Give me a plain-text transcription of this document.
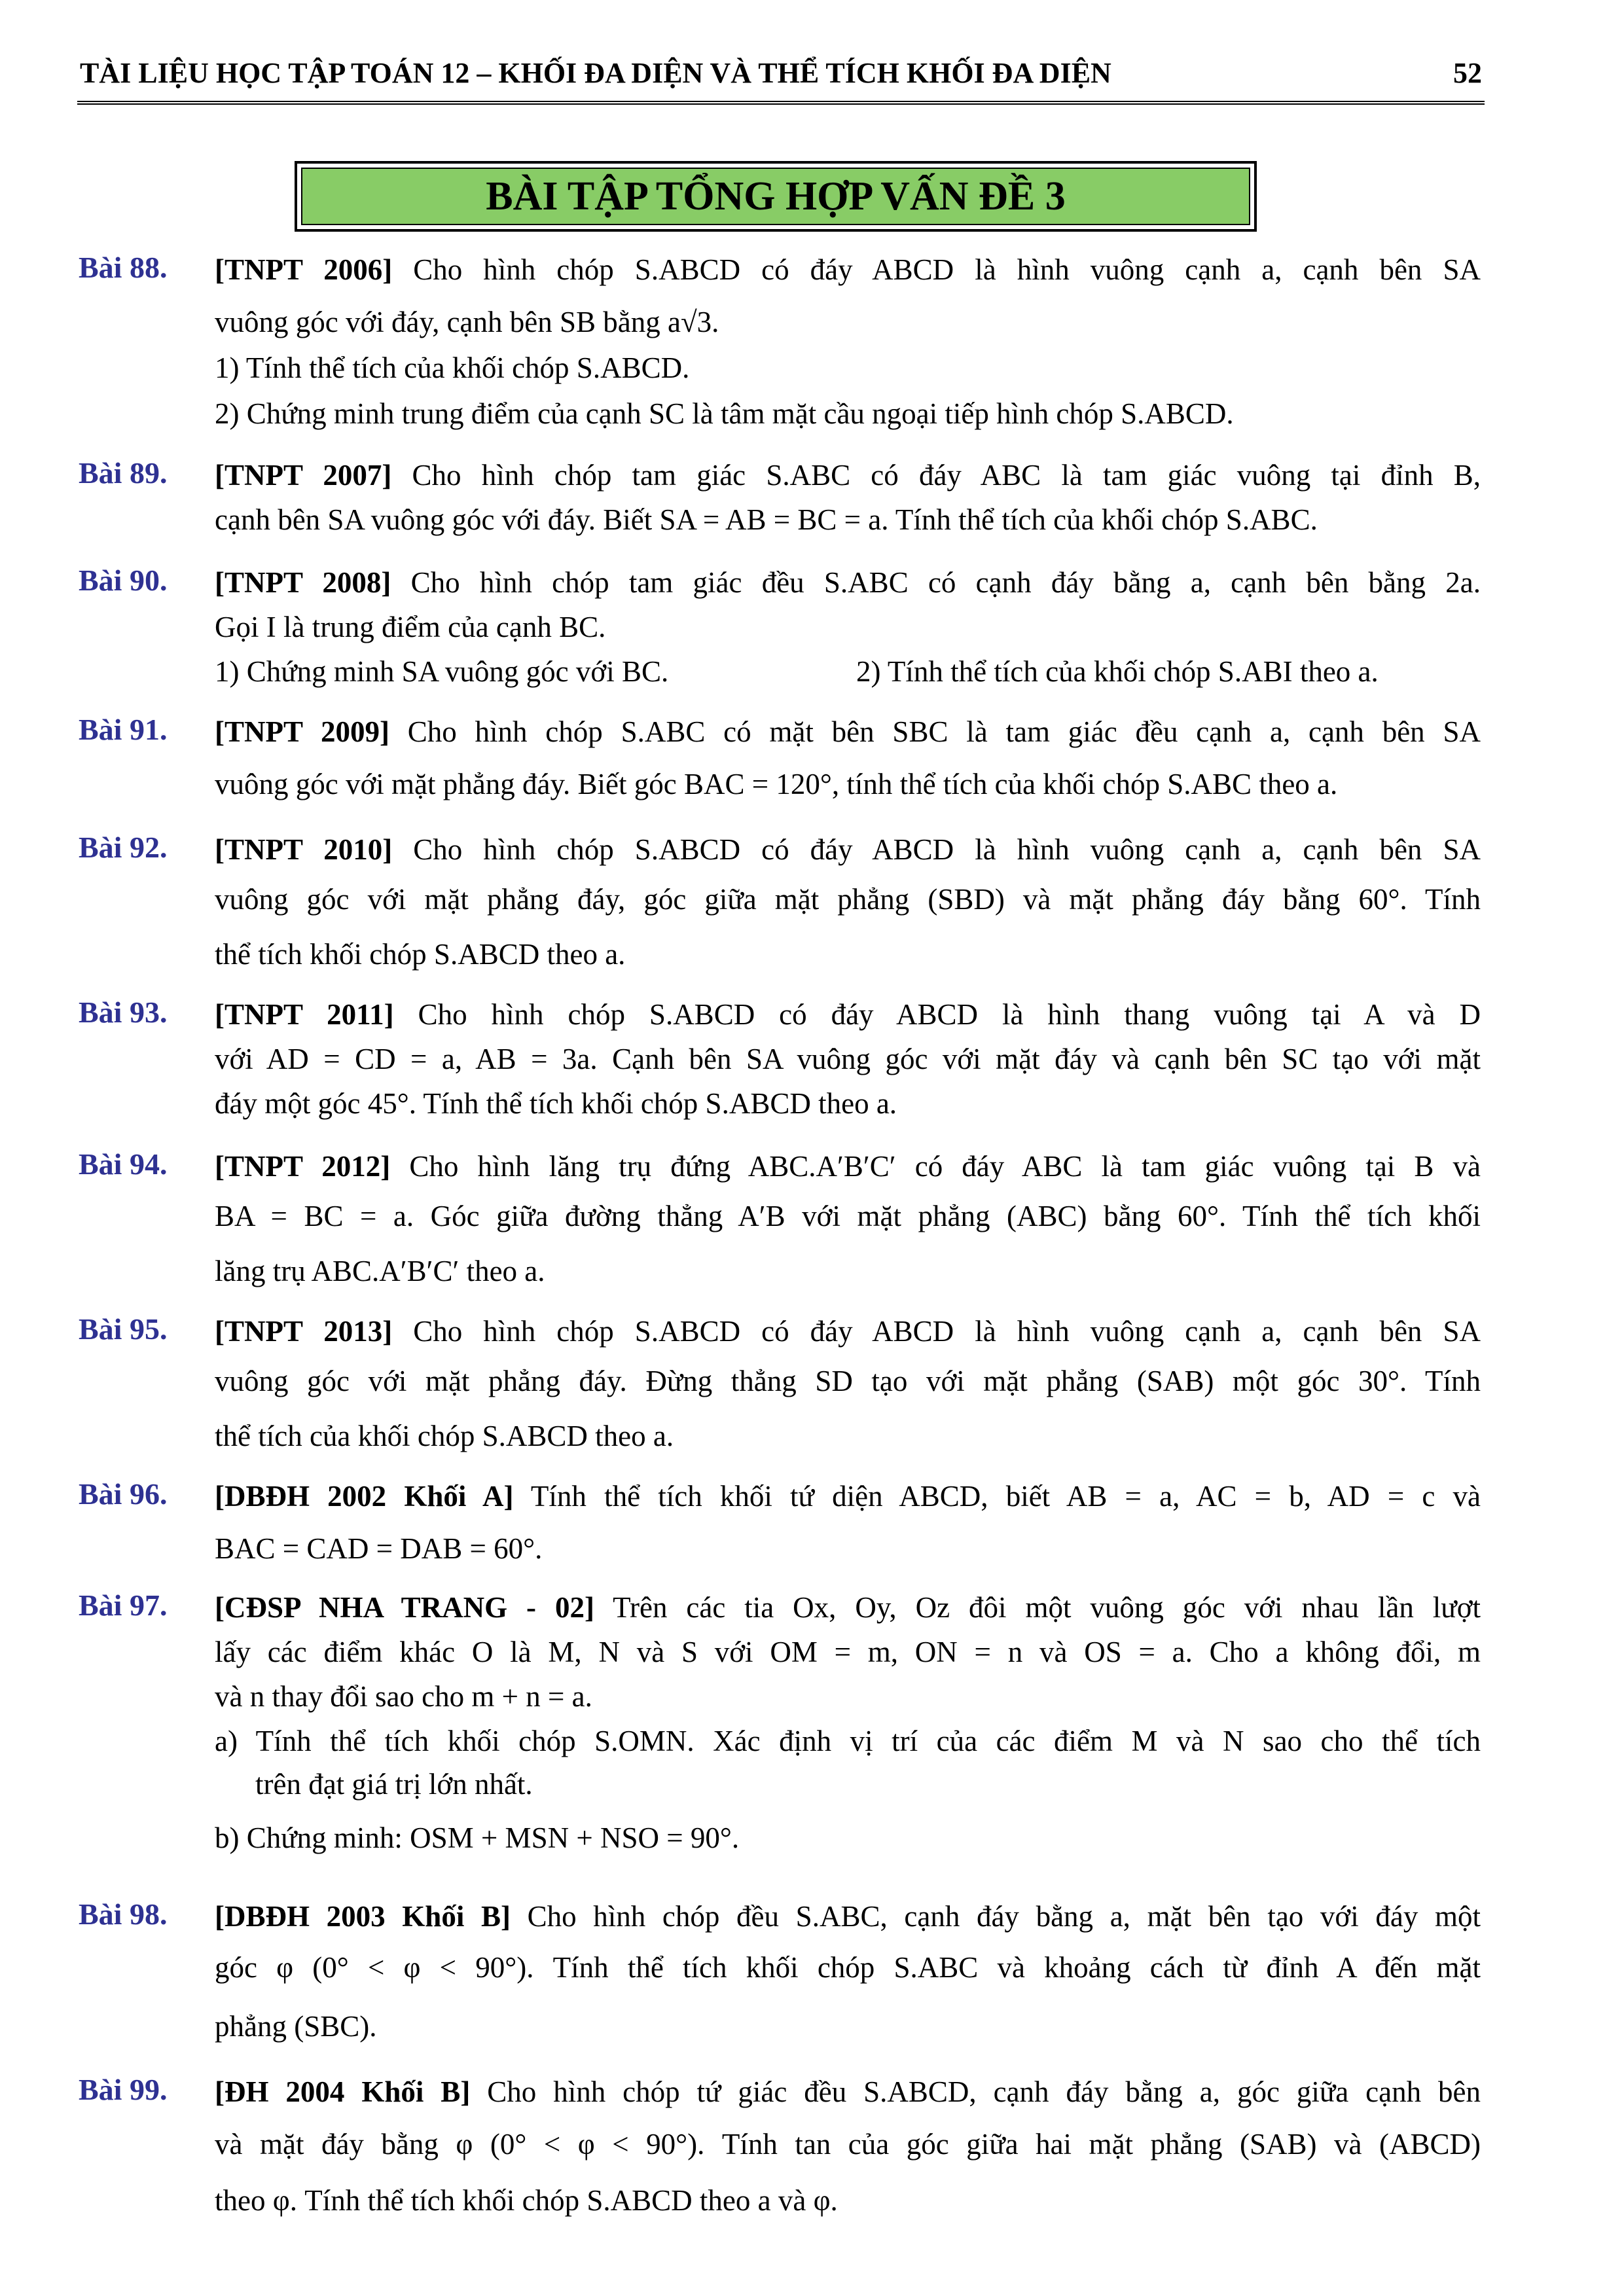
TÀI LIỆU HỌC TẬP TOÁN 12 – KHỐI ĐA DIỆN VÀ THỂ TÍCH KHỐI ĐA DIỆN	52
BÀI TẬP TỔNG HỢP VẤN ĐỀ 3
Bài 88. [TNPT 2006] Cho hình chóp S.ABCD có đáy ABCD là hình vuông cạnh a, cạnh bên SA
vuông góc với đáy, cạnh bên SB bằng a√3.
1) Tính thể tích của khối chóp S.ABCD.
2) Chứng minh trung điểm của cạnh SC là tâm mặt cầu ngoại tiếp hình chóp S.ABCD.
Bài 89. [TNPT 2007] Cho hình chóp tam giác S.ABC có đáy ABC là tam giác vuông tại đỉnh B,
cạnh bên SA vuông góc với đáy. Biết SA = AB = BC = a. Tính thể tích của khối chóp S.ABC.
Bài 90. [TNPT 2008] Cho hình chóp tam giác đều S.ABC có cạnh đáy bằng a, cạnh bên bằng 2a.
Gọi I là trung điểm của cạnh BC.
1) Chứng minh SA vuông góc với BC.	2) Tính thể tích của khối chóp S.ABI theo a.
Bài 91. [TNPT 2009] Cho hình chóp S.ABC có mặt bên SBC là tam giác đều cạnh a, cạnh bên SA
vuông góc với mặt phẳng đáy. Biết góc BAC = 120°, tính thể tích của khối chóp S.ABC theo a.
Bài 92. [TNPT 2010] Cho hình chóp S.ABCD có đáy ABCD là hình vuông cạnh a, cạnh bên SA
vuông góc với mặt phẳng đáy, góc giữa mặt phẳng (SBD) và mặt phẳng đáy bằng 60°. Tính
thể tích khối chóp S.ABCD theo a.
Bài 93. [TNPT 2011] Cho hình chóp S.ABCD có đáy ABCD là hình thang vuông tại A và D
với AD = CD = a, AB = 3a. Cạnh bên SA vuông góc với mặt đáy và cạnh bên SC tạo với mặt
đáy một góc 45°. Tính thể tích khối chóp S.ABCD theo a.
Bài 94. [TNPT 2012] Cho hình lăng trụ đứng ABC.A′B′C′ có đáy ABC là tam giác vuông tại B và
BA = BC = a. Góc giữa đường thẳng A′B với mặt phẳng (ABC) bằng 60°. Tính thể tích khối
lăng trụ ABC.A′B′C′ theo a.
Bài 95. [TNPT 2013] Cho hình chóp S.ABCD có đáy ABCD là hình vuông cạnh a, cạnh bên SA
vuông góc với mặt phẳng đáy. Đừng thẳng SD tạo với mặt phẳng (SAB) một góc 30°. Tính
thể tích của khối chóp S.ABCD theo a.
Bài 96. [DBĐH 2002 Khối A] Tính thể tích khối tứ diện ABCD, biết AB = a, AC = b, AD = c và
BAC = CAD = DAB = 60°.
Bài 97. [CĐSP NHA TRANG - 02] Trên các tia Ox, Oy, Oz đôi một vuông góc với nhau lần lượt
lấy các điểm khác O là M, N và S với OM = m, ON = n và OS = a. Cho a không đổi, m
và n thay đổi sao cho m + n = a.
a) Tính thể tích khối chóp S.OMN. Xác định vị trí của các điểm M và N sao cho thể tích
trên đạt giá trị lớn nhất.
b) Chứng minh: OSM + MSN + NSO = 90°.
Bài 98. [DBĐH 2003 Khối B] Cho hình chóp đều S.ABC, cạnh đáy bằng a, mặt bên tạo với đáy một
góc φ (0° < φ < 90°). Tính thể tích khối chóp S.ABC và khoảng cách từ đỉnh A đến mặt
phẳng (SBC).
Bài 99. [ĐH 2004 Khối B] Cho hình chóp tứ giác đều S.ABCD, cạnh đáy bằng a, góc giữa cạnh bên
và mặt đáy bằng φ (0° < φ < 90°). Tính tan của góc giữa hai mặt phẳng (SAB) và (ABCD)
theo φ. Tính thể tích khối chóp S.ABCD theo a và φ.
